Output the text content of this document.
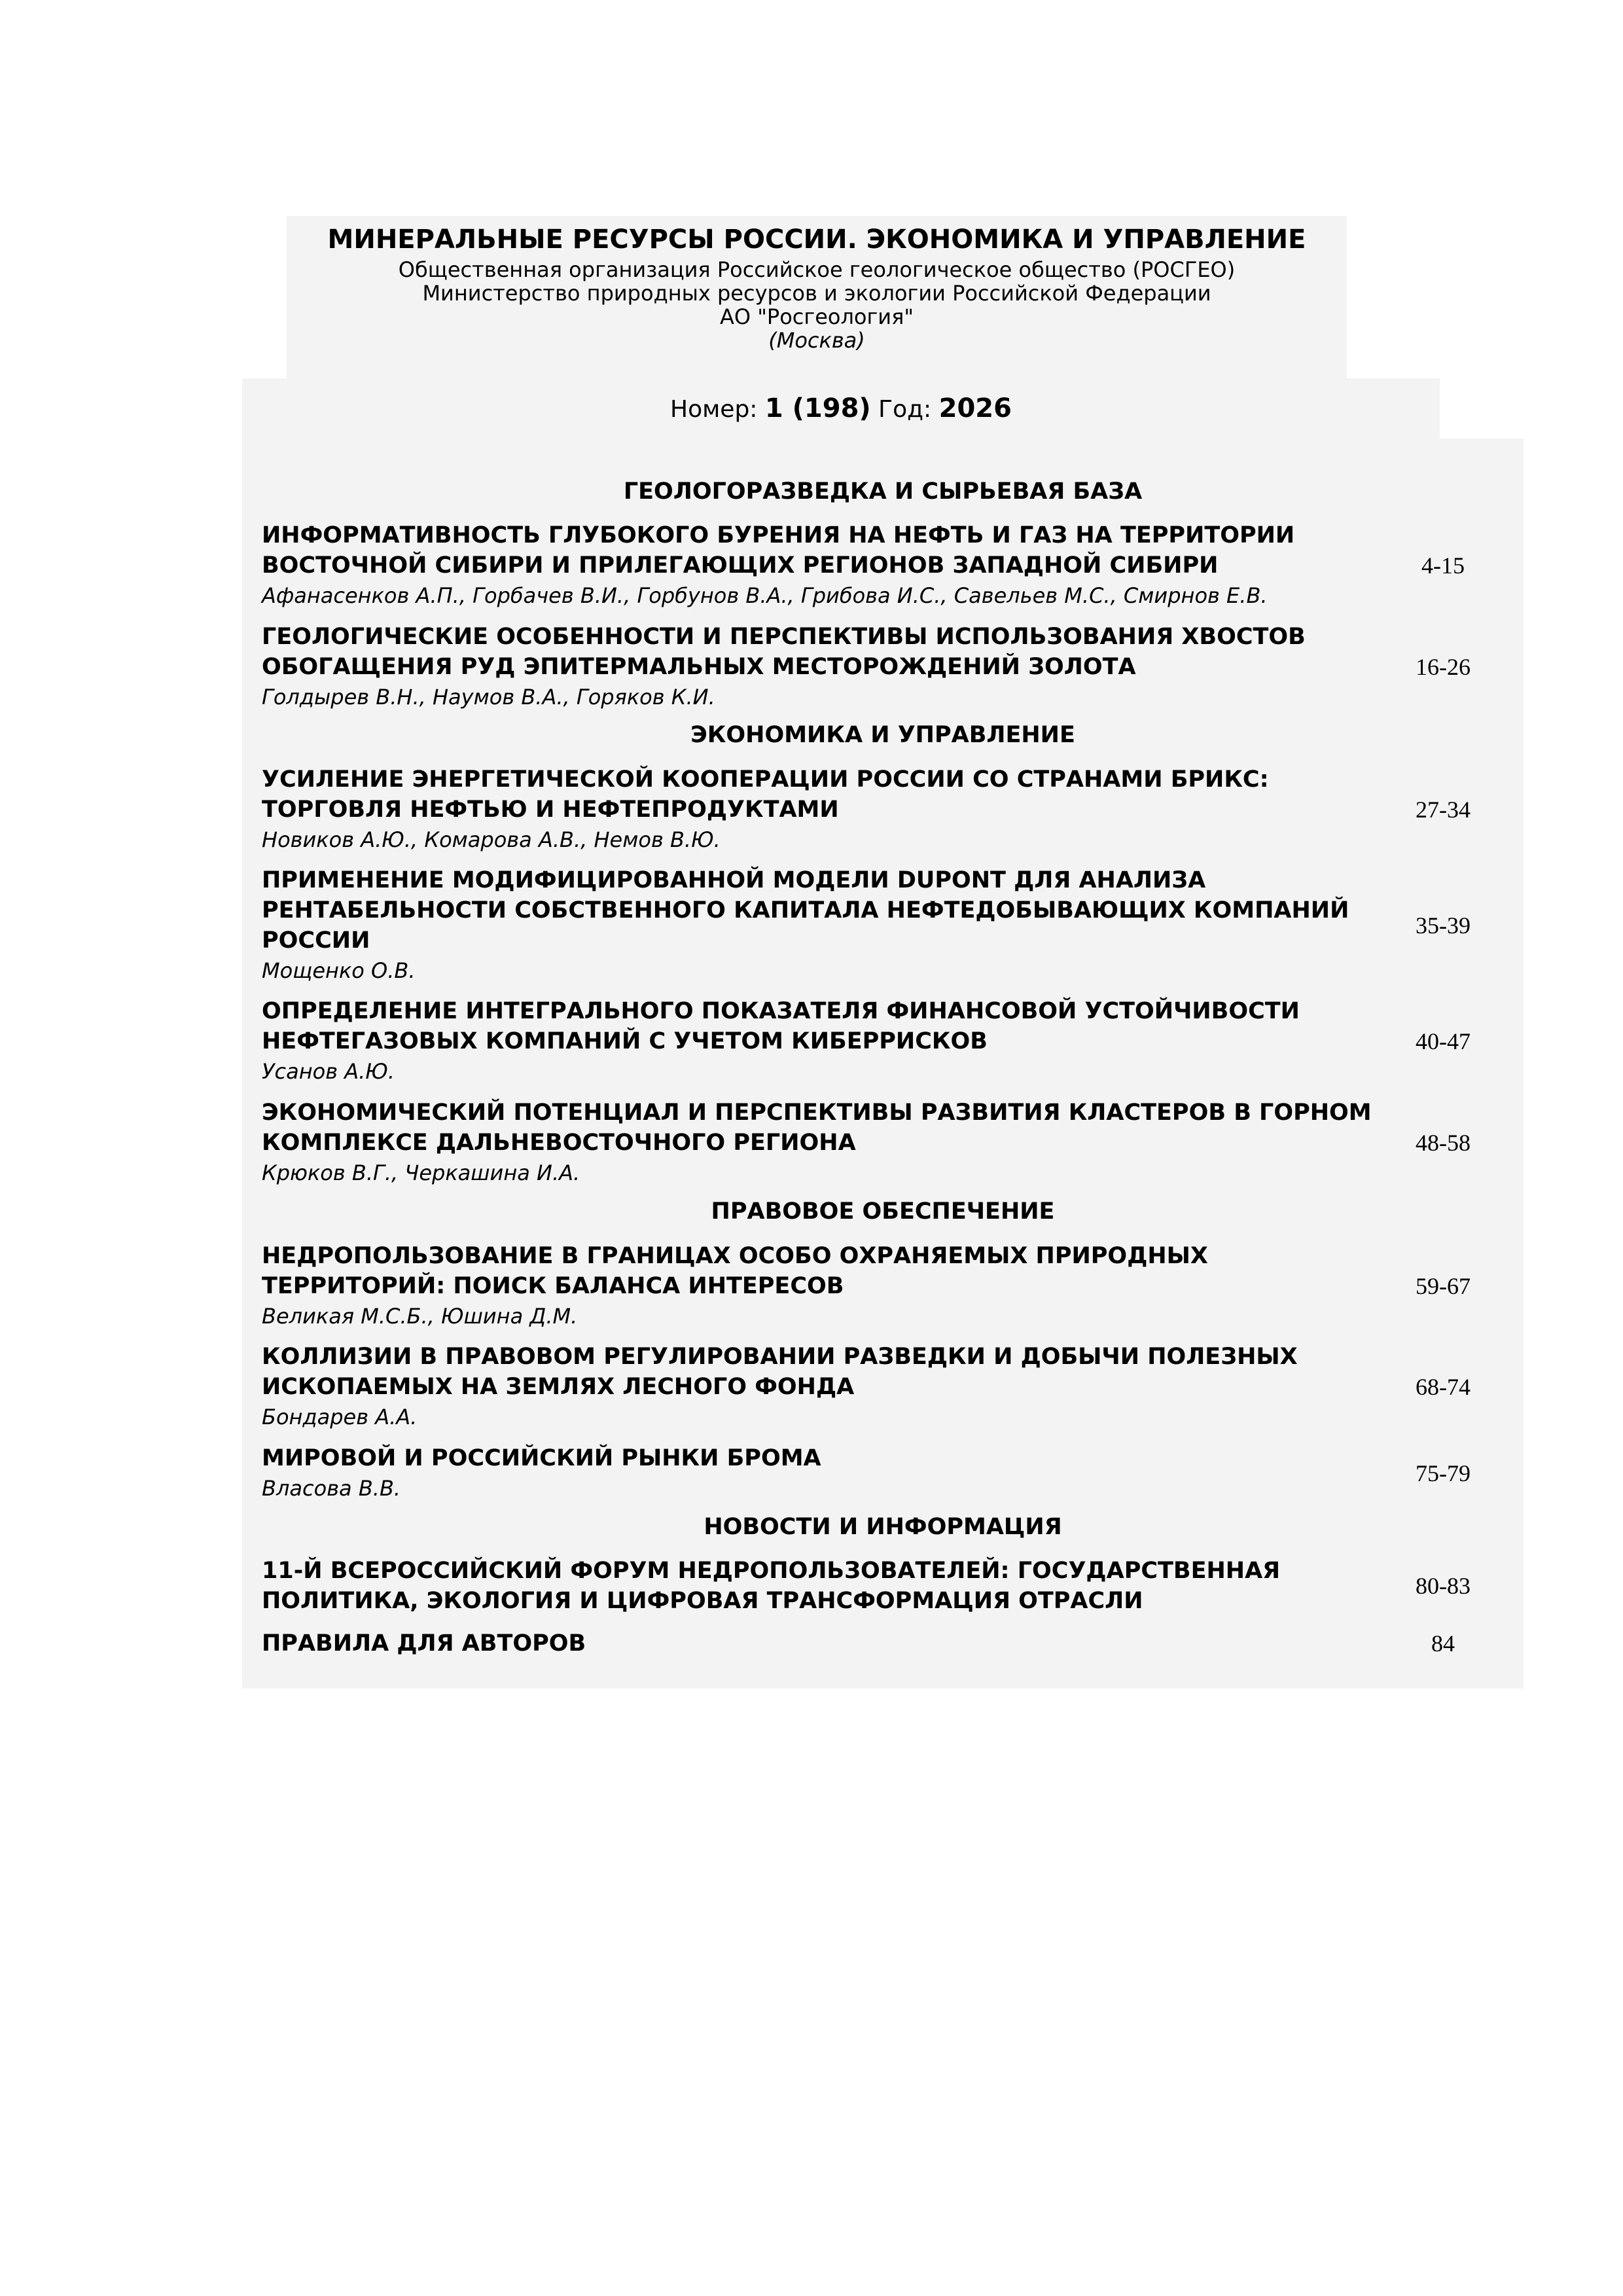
МИНЕРАЛЬНЫЕ РЕСУРСЫ РОССИИ. ЭКОНОМИКА И УПРАВЛЕНИЕ
Общественная организация Российское геологическое общество (РОСГЕО)
Министерство природных ресурсов и экологии Российской Федерации
АО "Росгеология"
(Москва)
Номер: 1 (198) Год: 2026
ГЕОЛОГОРАЗВЕДКА И СЫРЬЕВАЯ БАЗА
ИНФОРМАТИВНОСТЬ ГЛУБОКОГО БУРЕНИЯ НА НЕФТЬ И ГАЗ НА ТЕРРИТОРИИ
ВОСТОЧНОЙ СИБИРИ И ПРИЛЕГАЮЩИХ РЕГИОНОВ ЗАПАДНОЙ СИБИРИ
Афанасенков А.П., Горбачев В.И., Горбунов В.А., Грибова И.С., Савельев М.С., Смирнов Е.В.
4-15
ГЕОЛОГИЧЕСКИЕ ОСОБЕННОСТИ И ПЕРСПЕКТИВЫ ИСПОЛЬЗОВАНИЯ ХВОСТОВ
ОБОГАЩЕНИЯ РУД ЭПИТЕРМАЛЬНЫХ МЕСТОРОЖДЕНИЙ ЗОЛОТА
Голдырев В.Н., Наумов В.А., Горяков К.И.
16-26
ЭКОНОМИКА И УПРАВЛЕНИЕ
УСИЛЕНИЕ ЭНЕРГЕТИЧЕСКОЙ КООПЕРАЦИИ РОССИИ СО СТРАНАМИ БРИКС:
ТОРГОВЛЯ НЕФТЬЮ И НЕФТЕПРОДУКТАМИ
Новиков А.Ю., Комарова А.В., Немов В.Ю.
27-34
ПРИМЕНЕНИЕ МОДИФИЦИРОВАННОЙ МОДЕЛИ DUPONT ДЛЯ АНАЛИЗА
РЕНТАБЕЛЬНОСТИ СОБСТВЕННОГО КАПИТАЛА НЕФТЕДОБЫВАЮЩИХ КОМПАНИЙ
РОССИИ
Мощенко О.В.
35-39
ОПРЕДЕЛЕНИЕ ИНТЕГРАЛЬНОГО ПОКАЗАТЕЛЯ ФИНАНСОВОЙ УСТОЙЧИВОСТИ
НЕФТЕГАЗОВЫХ КОМПАНИЙ С УЧЕТОМ КИБЕРРИСКОВ
Усанов А.Ю.
40-47
ЭКОНОМИЧЕСКИЙ ПОТЕНЦИАЛ И ПЕРСПЕКТИВЫ РАЗВИТИЯ КЛАСТЕРОВ В ГОРНОМ
КОМПЛЕКСЕ ДАЛЬНЕВОСТОЧНОГО РЕГИОНА
Крюков В.Г., Черкашина И.А.
48-58
ПРАВОВОЕ ОБЕСПЕЧЕНИЕ
НЕДРОПОЛЬЗОВАНИЕ В ГРАНИЦАХ ОСОБО ОХРАНЯЕМЫХ ПРИРОДНЫХ
ТЕРРИТОРИЙ: ПОИСК БАЛАНСА ИНТЕРЕСОВ
Великая М.С.Б., Юшина Д.М.
59-67
КОЛЛИЗИИ В ПРАВОВОМ РЕГУЛИРОВАНИИ РАЗВЕДКИ И ДОБЫЧИ ПОЛЕЗНЫХ
ИСКОПАЕМЫХ НА ЗЕМЛЯХ ЛЕСНОГО ФОНДА
Бондарев А.А.
68-74
МИРОВОЙ И РОССИЙСКИЙ РЫНКИ БРОМА
Власова В.В.
75-79
НОВОСТИ И ИНФОРМАЦИЯ
11-Й ВСЕРОССИЙСКИЙ ФОРУМ НЕДРОПОЛЬЗОВАТЕЛЕЙ: ГОСУДАРСТВЕННАЯ
ПОЛИТИКА, ЭКОЛОГИЯ И ЦИФРОВАЯ ТРАНСФОРМАЦИЯ ОТРАСЛИ
80-83
ПРАВИЛА ДЛЯ АВТОРОВ	84
